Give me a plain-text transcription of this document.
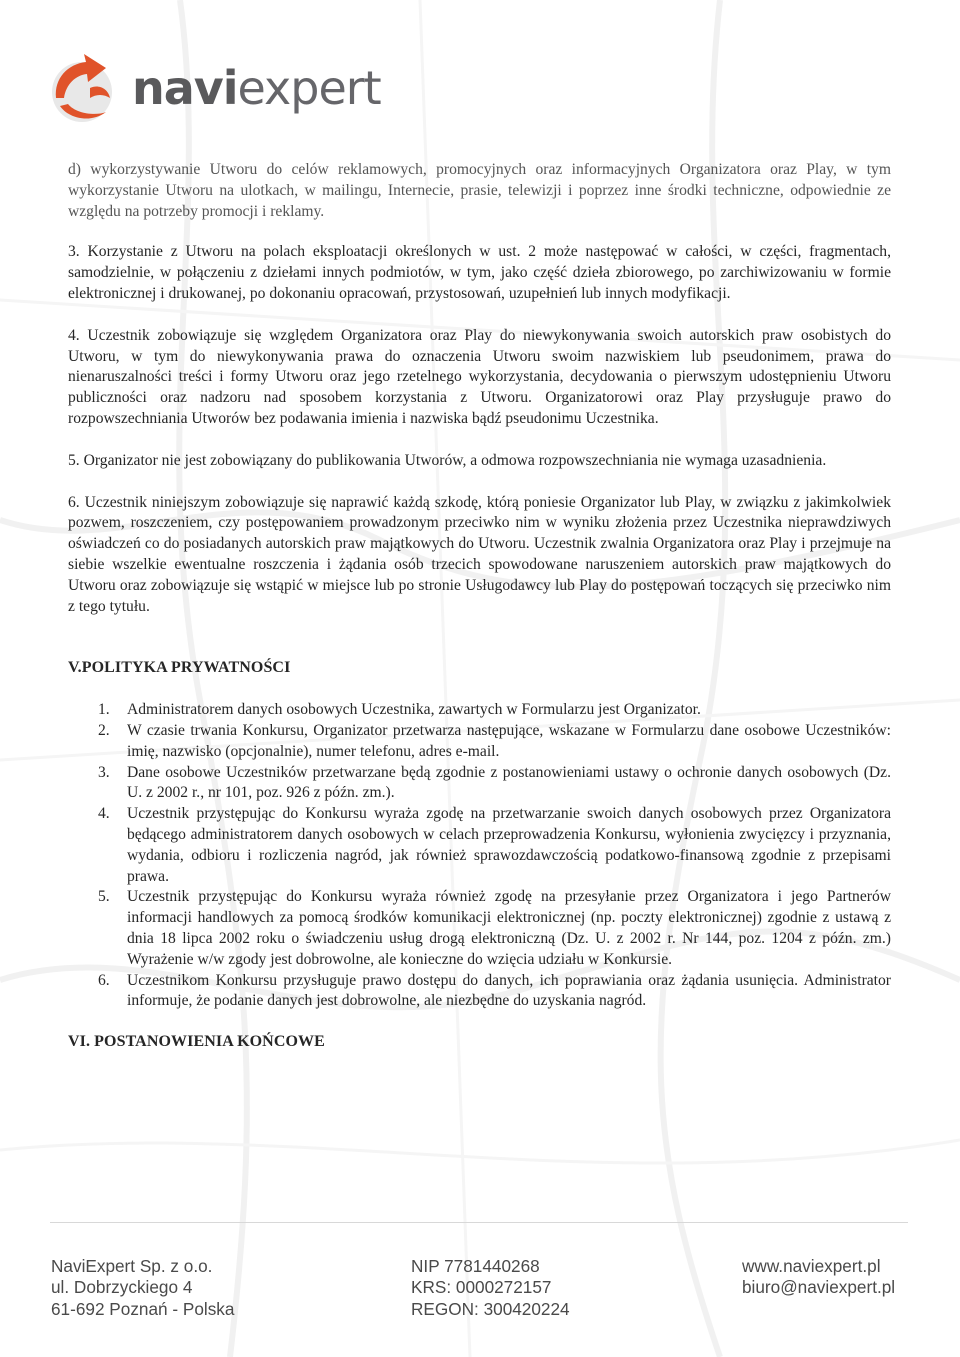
naviexpert

d) wykorzystywanie Utworu do celów reklamowych, promocyjnych oraz informacyjnych Organizatora oraz Play, w tym wykorzystanie Utworu na ulotkach, w mailingu, Internecie, prasie, telewizji i poprzez inne środki techniczne, odpowiednie ze względu na potrzeby promocji i reklamy.

3. Korzystanie z Utworu na polach eksploatacji określonych w ust. 2 może następować w całości, w części, fragmentach, samodzielnie, w połączeniu z dziełami innych podmiotów, w tym, jako część dzieła zbiorowego, po zarchiwizowaniu w formie elektronicznej i drukowanej, po dokonaniu opracowań, przystosowań, uzupełnień lub innych modyfikacji.

4. Uczestnik zobowiązuje się względem Organizatora oraz Play do niewykonywania swoich autorskich praw osobistych do Utworu, w tym do niewykonywania prawa do oznaczenia Utworu swoim nazwiskiem lub pseudonimem, prawa do nienaruszalności treści i formy Utworu oraz jego rzetelnego wykorzystania, decydowania o pierwszym udostępnieniu Utworu publiczności oraz nadzoru nad sposobem korzystania z Utworu. Organizatorowi oraz Play przysługuje prawo do rozpowszechniania Utworów bez podawania imienia i nazwiska bądź pseudonimu Uczestnika.

5. Organizator nie jest zobowiązany do publikowania Utworów, a odmowa rozpowszechniania nie wymaga uzasadnienia.

6. Uczestnik niniejszym zobowiązuje się naprawić każdą szkodę, którą poniesie Organizator lub Play, w związku z jakimkolwiek pozwem, roszczeniem, czy postępowaniem prowadzonym przeciwko nim w wyniku złożenia przez Uczestnika nieprawdziwych oświadczeń co do posiadanych autorskich praw majątkowych do Utworu. Uczestnik zwalnia Organizatora oraz Play i przejmuje na siebie wszelkie ewentualne roszczenia i żądania osób trzecich spowodowane naruszeniem autorskich praw majątkowych do Utworu oraz zobowiązuje się wstąpić w miejsce lub po stronie Usługodawcy lub Play do postępowań toczących się przeciwko nim z tego tytułu.

V.POLITYKA PRYWATNOŚCI
1. Administratorem danych osobowych Uczestnika, zawartych w Formularzu jest Organizator.
2. W czasie trwania Konkursu, Organizator przetwarza następujące, wskazane w Formularzu dane osobowe Uczestników: imię, nazwisko (opcjonalnie), numer telefonu, adres e-mail.
3. Dane osobowe Uczestników przetwarzane będą zgodnie z postanowieniami ustawy o ochronie danych osobowych (Dz. U. z 2002 r., nr 101, poz. 926 z późn. zm.).
4. Uczestnik przystępując do Konkursu wyraża zgodę na przetwarzanie swoich danych osobowych przez Organizatora będącego administratorem danych osobowych w celach przeprowadzenia Konkursu, wyłonienia zwycięzcy i przyznania, wydania, odbioru i rozliczenia nagród, jak również sprawozdawczością podatkowo-finansową zgodnie z przepisami prawa.
5. Uczestnik przystępując do Konkursu wyraża również zgodę na przesyłanie przez Organizatora i jego Partnerów informacji handlowych za pomocą środków komunikacji elektronicznej (np. poczty elektronicznej) zgodnie z ustawą z dnia 18 lipca 2002 roku o świadczeniu usług drogą elektroniczną (Dz. U. z 2002 r. Nr 144, poz. 1204 z późn. zm.) Wyrażenie w/w zgody jest dobrowolne, ale konieczne do wzięcia udziału w Konkursie.
6. Uczestnikom Konkursu przysługuje prawo dostępu do danych, ich poprawiania oraz żądania usunięcia. Administrator informuje, że podanie danych jest dobrowolne, ale niezbędne do uzyskania nagród.
VI. POSTANOWIENIA KOŃCOWE
NaviExpert Sp. z o.o.
ul. Dobrzyckiego 4
61-692 Poznań - Polska
NIP 7781440268
KRS: 0000272157
REGON: 300420224
www.naviexpert.pl
biuro@naviexpert.pl
